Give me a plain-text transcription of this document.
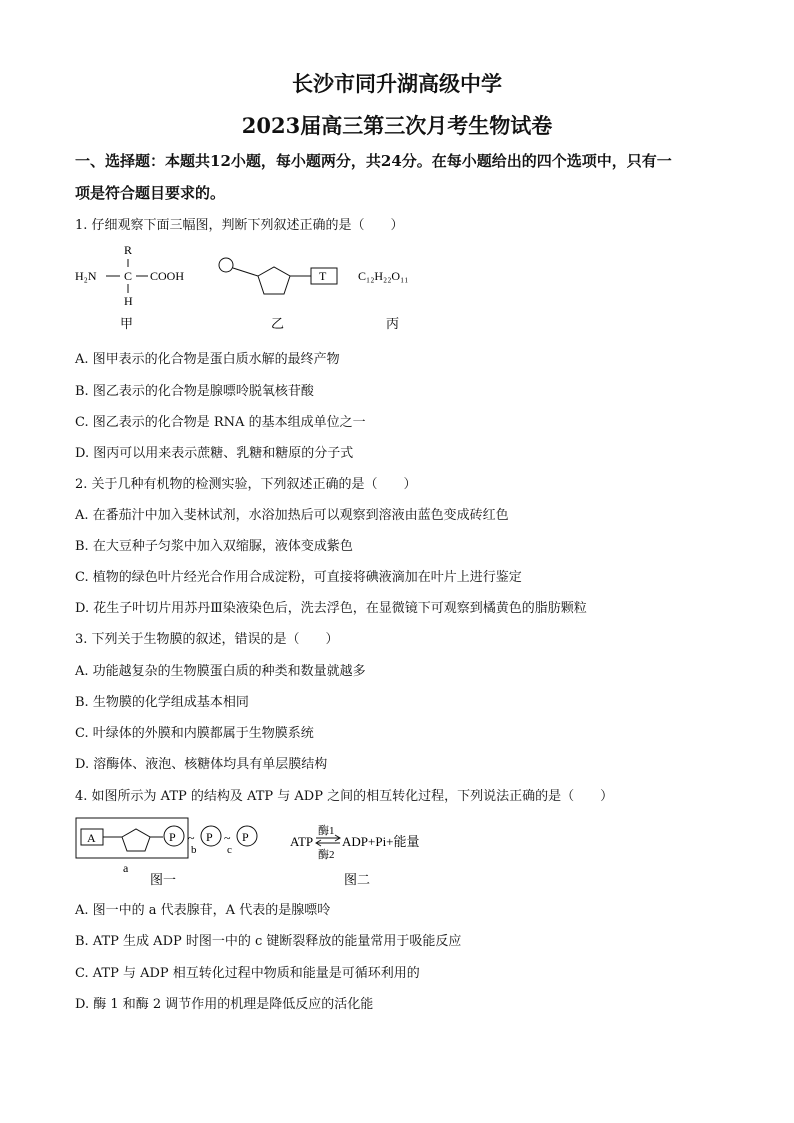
长沙市同升湖高级中学
2023届高三第三次月考生物试卷
一、选择题：本题共12小题，每小题两分，共24分。在每小题给出的四个选项中，只有一
项是符合题目要求的。
1. 仔细观察下面三幅图，判断下列叙述正确的是（　　）
R
H₂N C COOH
H
T	C₁₂H₂₂O₁₁
甲	乙	丙
A. 图甲表示的化合物是蛋白质水解的最终产物
B. 图乙表示的化合物是腺嘌呤脱氧核苷酸
C. 图乙表示的化合物是 RNA 的基本组成单位之一
D. 图丙可以用来表示蔗糖、乳糖和糖原的分子式
2. 关于几种有机物的检测实验，下列叙述正确的是（　　）
A. 在番茄汁中加入斐林试剂，水浴加热后可以观察到溶液由蓝色变成砖红色
B. 在大豆种子匀浆中加入双缩脲，液体变成紫色
C. 植物的绿色叶片经光合作用合成淀粉，可直接将碘液滴加在叶片上进行鉴定
D. 花生子叶切片用苏丹Ⅲ染液染色后，洗去浮色，在显微镜下可观察到橘黄色的脂肪颗粒
3. 下列关于生物膜的叙述，错误的是（　　）
A. 功能越复杂的生物膜蛋白质的种类和数量就越多
B. 生物膜的化学组成基本相同
C. 叶绿体的外膜和内膜都属于生物膜系统
D. 溶酶体、液泡、核糖体均具有单层膜结构
4. 如图所示为 ATP 的结构及 ATP 与 ADP 之间的相互转化过程，下列说法正确的是（　　）
A	P ~
b
P ~
c
P
a
图一
ATP
酶1
酶2
ADP+Pi+能量
图二
A. 图一中的 a 代表腺苷，A 代表的是腺嘌呤
B. ATP 生成 ADP 时图一中的 c 键断裂释放的能量常用于吸能反应
C. ATP 与 ADP 相互转化过程中物质和能量是可循环利用的
D. 酶 1 和酶 2 调节作用的机理是降低反应的活化能
